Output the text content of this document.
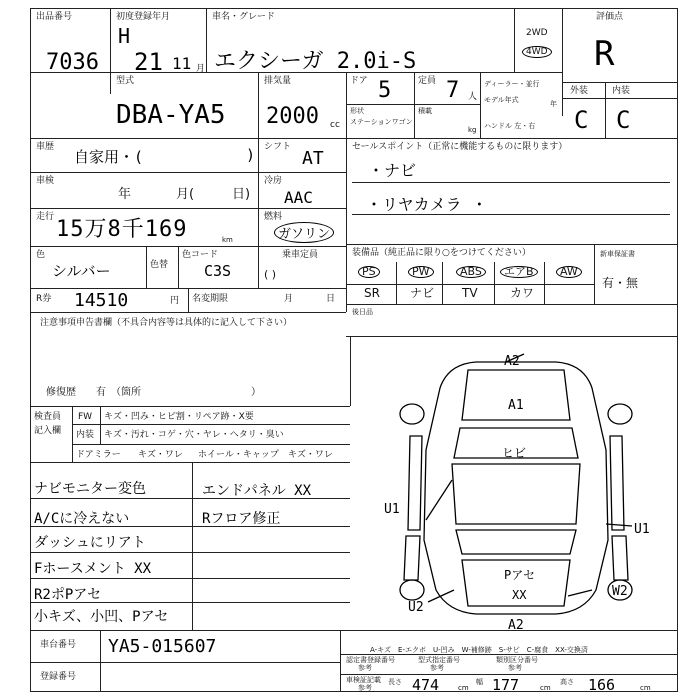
出品番号
7036
初度登録年月
H
21 11 月
車名・グレード
エクシーガ 2.0i-S
2WD
4WD
評価点
R
型式
DBA-YA5
排気量
2000 cc
ドア 5	定員 7 人
形状
ステーションワゴン
積載
kg
ディーラー・並行
モデル年式	年
ハンドル 左・右
外装	内装
C C
車歴
自家用・(	) シフト
AT
車検
年	月(	日)
冷房
AAC
走行 15万8千169	km
燃料
ガソリン
色
シルバー	色替
色コード
C3S
乗車定員
( )
R券 14510	円 名変期限	月	日
セールスポイント（正常に機能するものに限ります）
・ナビ
・リヤカメラ ・
装備品（純正品に限り○をつけてください）	新車保証書
有・無
PS	PW	ABS	エアB	AW
SR	ナビ TV	カワ
後日品
注意事項申告書欄（不具合内容等は具体的に記入して下さい）
修復歴　　有　（箇所　　　　　　　　　　　）
検査員
記入欄
FW キズ・凹み・ヒビ割・リペア跡・X要
内装 キズ・汚れ・コゲ・穴・ヤレ・ヘタリ・臭い
ドアミラー キズ・ワレ ホイール・キャップ キズ・ワレ
ナビモニター変色
A/Cに冷えない
ダッシュにリアト
Fホースメント XX
R2ポPアセ
小キズ、小凹、Pアセ
エンドパネル XX
Rフロア修正
A2
A1
ヒビ
U1
U1
Pアセ
XX	W2
U2
A2
A-キズ　E-エクボ　U-凹み　W-補修跡　S-サビ　C-腐食　XX-交換済
車台番号 YA5-015607
登録番号
認定書登録番号
参考
型式指定番号
参考
類別区分番号
参考
車検証記載
参考
長さ 474	cm
幅 177	cm
高さ 166	cm
